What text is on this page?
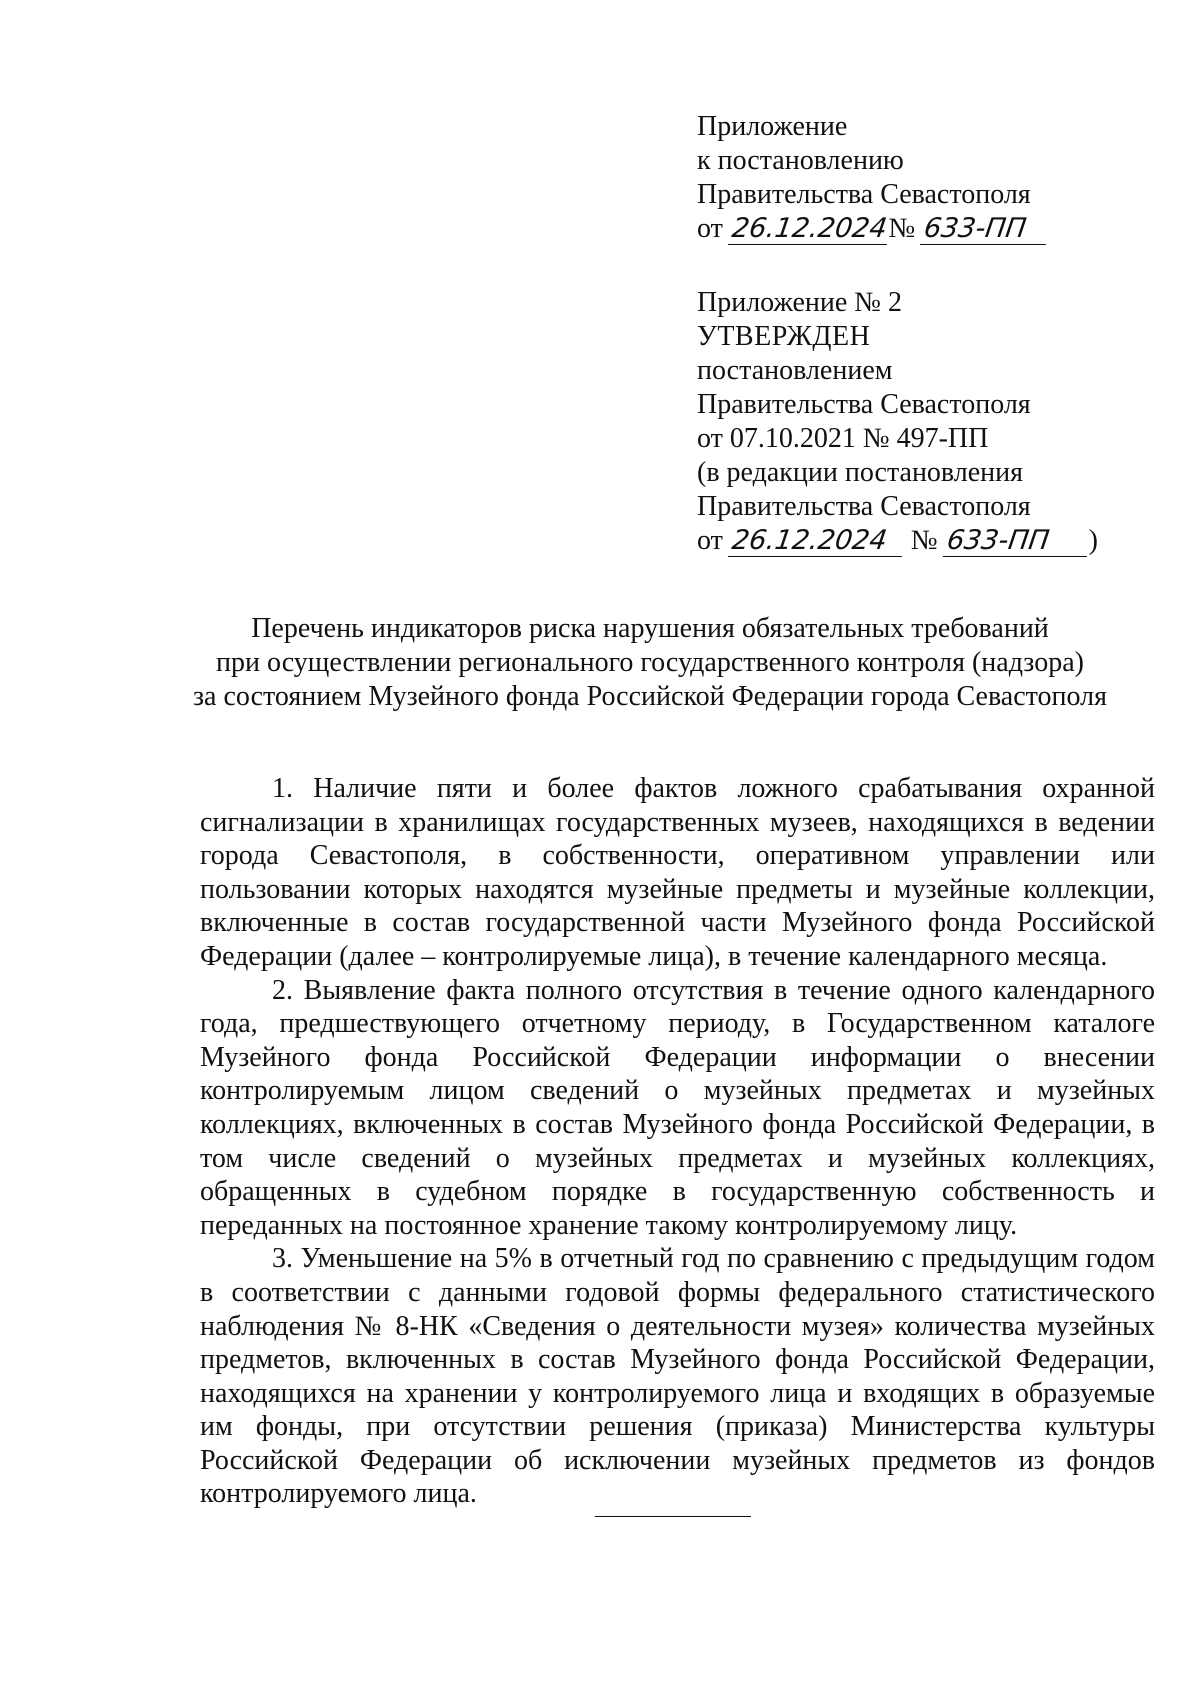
Приложение
к постановлению
Правительства Севастополя
от 26.12.2024№ 633-ПП
Приложение № 2
УТВЕРЖДЕН
постановлением
Правительства Севастополя
от 07.10.2021 № 497-ПП
(в редакции постановления
Правительства Севастополя
от 26.12.2024 № 633-ПП )
Перечень индикаторов риска нарушения обязательных требований
при осуществлении регионального государственного контроля (надзора)
за состоянием Музейного фонда Российской Федерации города Севастополя

1. Наличие пяти и более фактов ложного срабатывания охранной сигнализации в хранилищах государственных музеев, находящихся в ведении города Севастополя, в собственности, оперативном управлении или пользовании которых находятся музейные предметы и музейные коллекции, включенные в состав государственной части Музейного фонда Российской Федерации (далее – контролируемые лица), в течение календарного месяца.

2. Выявление факта полного отсутствия в течение одного календарного года, предшествующего отчетному периоду, в Государственном каталоге Музейного фонда Российской Федерации информации о внесении контролируемым лицом сведений о музейных предметах и музейных коллекциях, включенных в состав Музейного фонда Российской Федерации, в том числе сведений о музейных предметах и музейных коллекциях, обращенных в судебном порядке в государственную собственность и переданных на постоянное хранение такому контролируемому лицу.

3. Уменьшение на 5% в отчетный год по сравнению с предыдущим годом в соответствии с данными годовой формы федерального статистического наблюдения № 8-НК «Сведения о деятельности музея» количества музейных предметов, включенных в состав Музейного фонда Российской Федерации, находящихся на хранении у контролируемого лица и входящих в образуемые им фонды, при отсутствии решения (приказа) Министерства культуры Российской Федерации об исключении музейных предметов из фондов контролируемого лица.
